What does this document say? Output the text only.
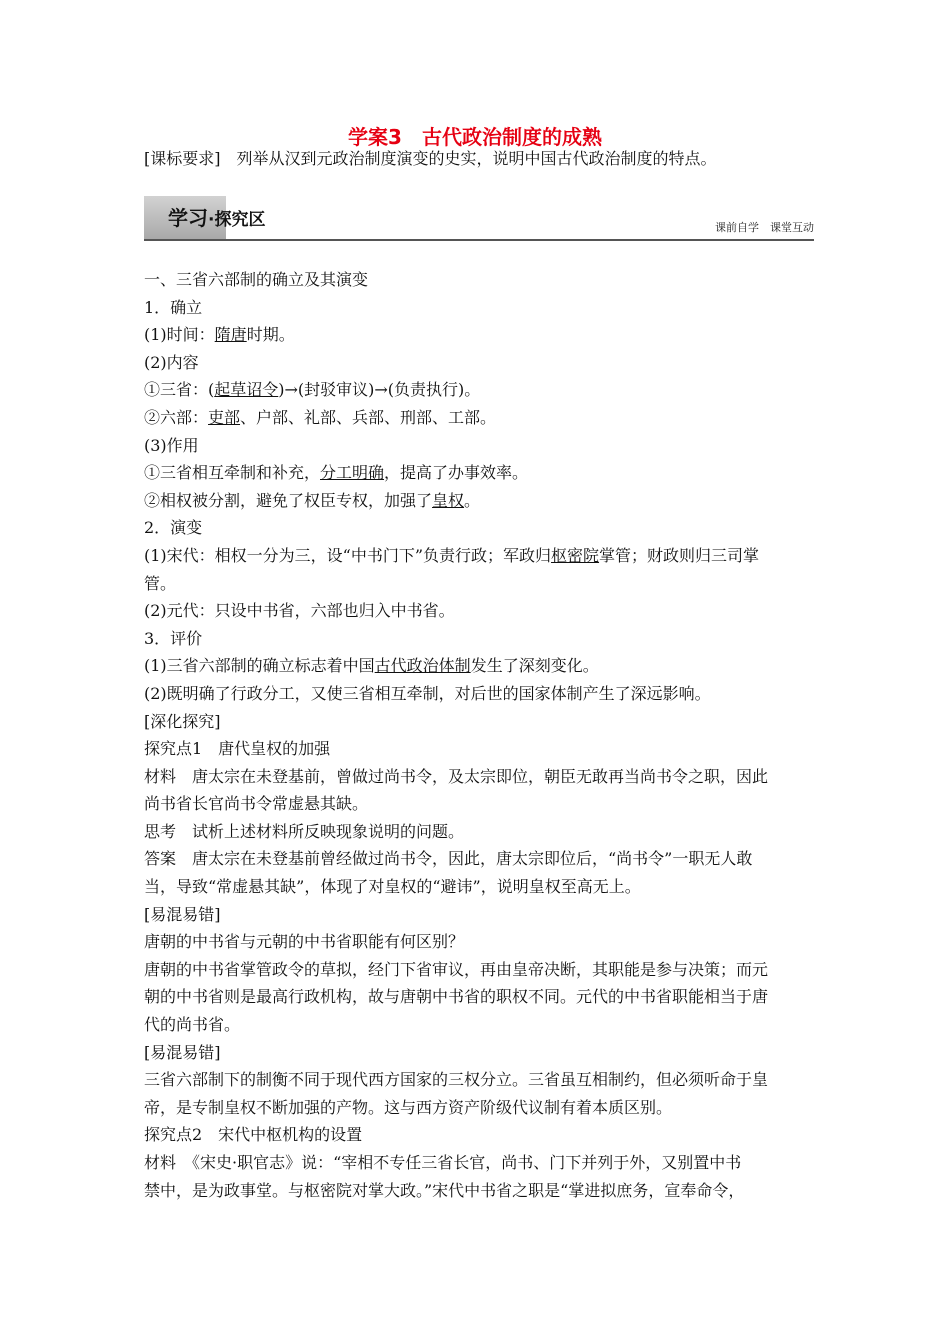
学案3　古代政治制度的成熟
[课标要求]　列举从汉到元政治制度演变的史实，说明中国古代政治制度的特点。
学习·探究区	课前自学　课堂互动

一、三省六部制的确立及其演变

1．确立

(1)时间：隋唐时期。

(2)内容

①三省：(起草诏令)→(封驳审议)→(负责执行)。

②六部：吏部、户部、礼部、兵部、刑部、工部。

(3)作用

①三省相互牵制和补充，分工明确，提高了办事效率。

②相权被分割，避免了权臣专权，加强了皇权。

2．演变

(1)宋代：相权一分为三，设“中书门下”负责行政；军政归枢密院掌管；财政则归三司掌

管。

(2)元代：只设中书省，六部也归入中书省。

3．评价

(1)三省六部制的确立标志着中国古代政治体制发生了深刻变化。

(2)既明确了行政分工，又使三省相互牵制，对后世的国家体制产生了深远影响。

[深化探究]

探究点1　唐代皇权的加强

材料　唐太宗在未登基前，曾做过尚书令，及太宗即位，朝臣无敢再当尚书令之职，因此

尚书省长官尚书令常虚悬其缺。

思考　试析上述材料所反映现象说明的问题。

答案　唐太宗在未登基前曾经做过尚书令，因此，唐太宗即位后，“尚书令”一职无人敢

当，导致“常虚悬其缺”，体现了对皇权的“避讳”，说明皇权至高无上。

[易混易错]

唐朝的中书省与元朝的中书省职能有何区别？

唐朝的中书省掌管政令的草拟，经门下省审议，再由皇帝决断，其职能是参与决策；而元

朝的中书省则是最高行政机构，故与唐朝中书省的职权不同。元代的中书省职能相当于唐

代的尚书省。

[易混易错]

三省六部制下的制衡不同于现代西方国家的三权分立。三省虽互相制约，但必须听命于皇

帝，是专制皇权不断加强的产物。这与西方资产阶级代议制有着本质区别。

探究点2　宋代中枢机构的设置

材料　《宋史·职官志》说：“宰相不专任三省长官，尚书、门下并列于外，又别置中书

禁中，是为政事堂。与枢密院对掌大政。”宋代中书省之职是“掌进拟庶务，宣奉命令，
